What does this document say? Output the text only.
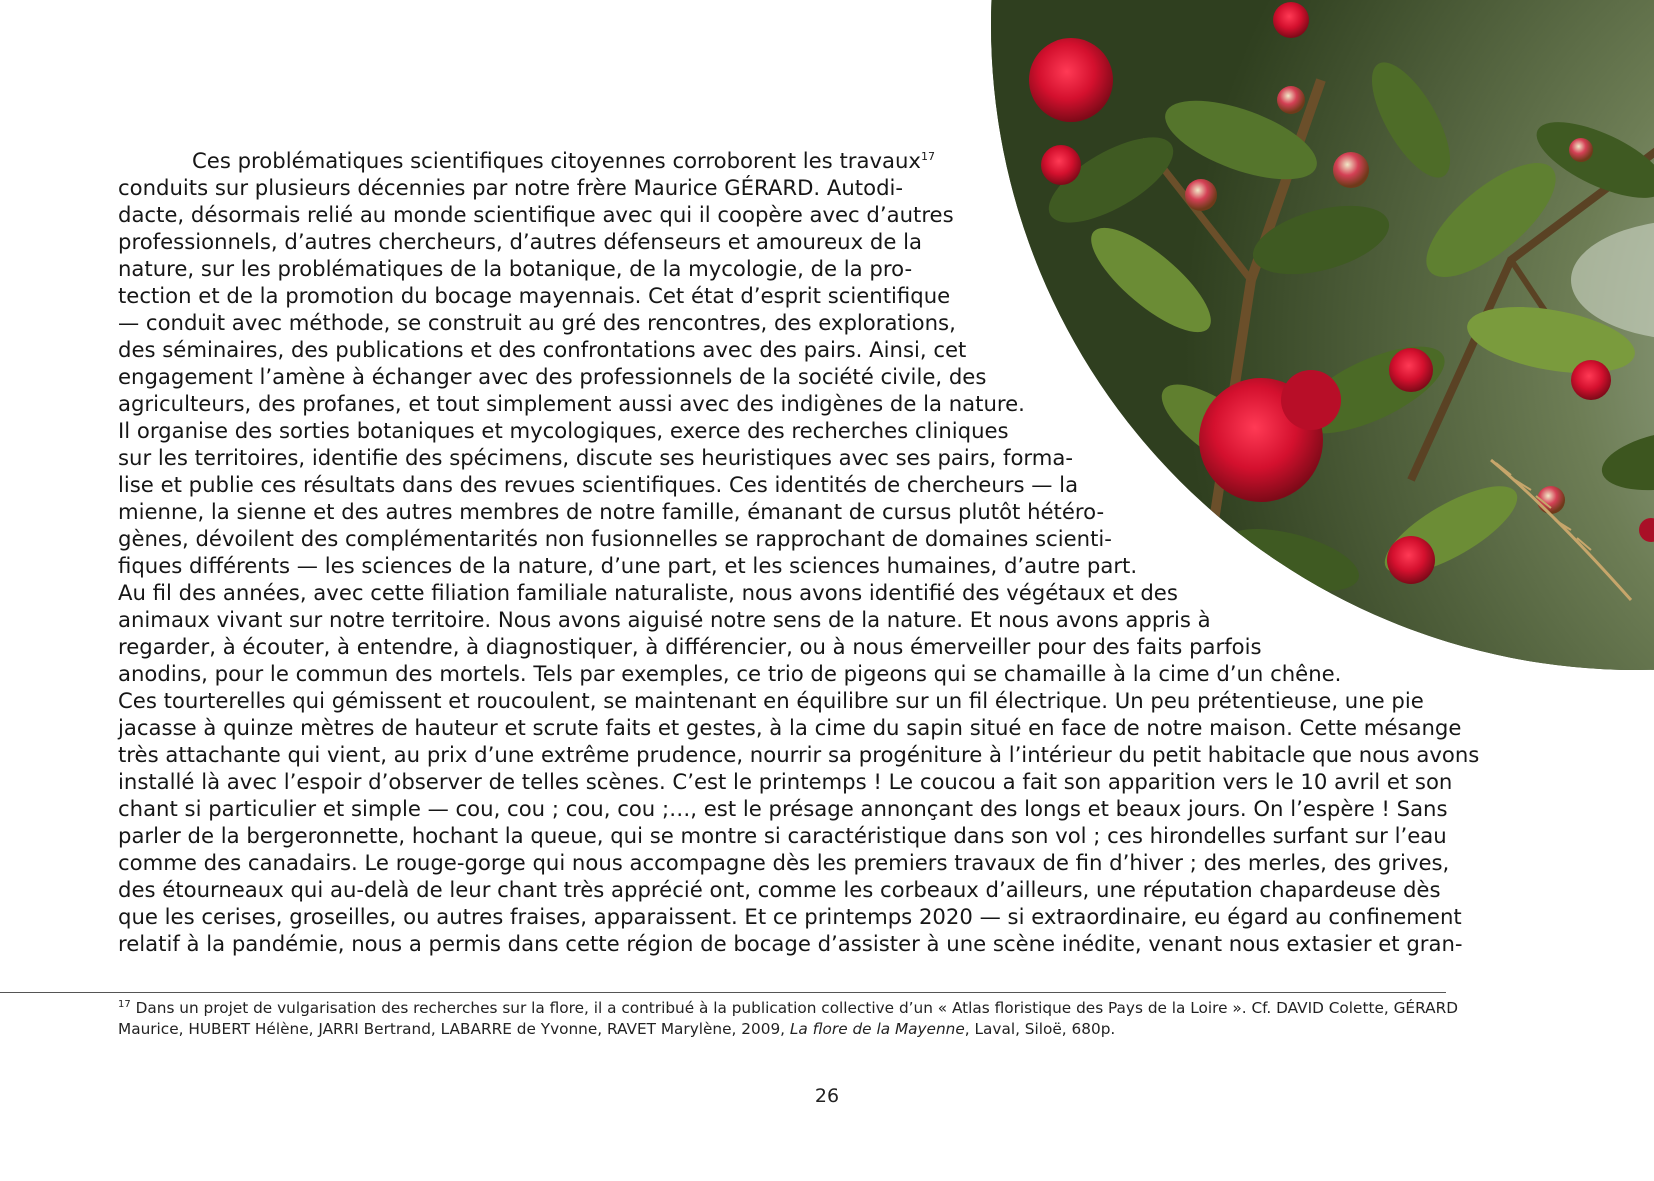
Ces problématiques scientifiques citoyennes corroborent les travaux$^{17}$
conduits sur plusieurs décennies par notre frère Maurice GÉRARD. Autodi-
dacte, désormais relié au monde scientifique avec qui il coopère avec d’autres
professionnels, d’autres chercheurs, d’autres défenseurs et amoureux de la
nature, sur les problématiques de la botanique, de la mycologie, de la pro-
tection et de la promotion du bocage mayennais. Cet état d’esprit scientifique
— conduit avec méthode, se construit au gré des rencontres, des explorations,
des séminaires, des publications et des confrontations avec des pairs. Ainsi, cet
engagement l’amène à échanger avec des professionnels de la société civile, des
agriculteurs, des profanes, et tout simplement aussi avec des indigènes de la nature.
Il organise des sorties botaniques et mycologiques, exerce des recherches cliniques
sur les territoires, identifie des spécimens, discute ses heuristiques avec ses pairs, forma-
lise et publie ces résultats dans des revues scientifiques. Ces identités de chercheurs — la
mienne, la sienne et des autres membres de notre famille, émanant de cursus plutôt hétéro-
gènes, dévoilent des complémentarités non fusionnelles se rapprochant de domaines scienti-
fiques différents — les sciences de la nature, d’une part, et les sciences humaines, d’autre part.
Au fil des années, avec cette filiation familiale naturaliste, nous avons identifié des végétaux et des
animaux vivant sur notre territoire. Nous avons aiguisé notre sens de la nature. Et nous avons appris à
regarder, à écouter, à entendre, à diagnostiquer, à différencier, ou à nous émerveiller pour des faits parfois
anodins, pour le commun des mortels. Tels par exemples, ce trio de pigeons qui se chamaille à la cime d’un chêne.
Ces tourterelles qui gémissent et roucoulent, se maintenant en équilibre sur un fil électrique. Un peu prétentieuse, une pie
jacasse à quinze mètres de hauteur et scrute faits et gestes, à la cime du sapin situé en face de notre maison. Cette mésange
très attachante qui vient, au prix d’une extrême prudence, nourrir sa progéniture à l’intérieur du petit habitacle que nous avons
installé là avec l’espoir d’observer de telles scènes. C’est le printemps ! Le coucou a fait son apparition vers le 10 avril et son
chant si particulier et simple — cou, cou ; cou, cou ;…, est le présage annonçant des longs et beaux jours. On l’espère ! Sans
parler de la bergeronnette, hochant la queue, qui se montre si caractéristique dans son vol ; ces hirondelles surfant sur l’eau
comme des canadairs. Le rouge-gorge qui nous accompagne dès les premiers travaux de fin d’hiver ; des merles, des grives,
des étourneaux qui au-delà de leur chant très apprécié ont, comme les corbeaux d’ailleurs, une réputation chapardeuse dès
que les cerises, groseilles, ou autres fraises, apparaissent. Et ce printemps 2020 — si extraordinaire, eu égard au confinement
relatif à la pandémie, nous a permis dans cette région de bocage d’assister à une scène inédite, venant nous extasier et gran-
$^{17}$ Dans un projet de vulgarisation des recherches sur la flore, il a contribué à la publication collective d’un « Atlas floristique des Pays de la Loire ». Cf. DAVID Colette, GÉRARD
Maurice, HUBERT Hélène, JARRI Bertrand, LABARRE de Yvonne, RAVET Marylène, 2009, La flore de la Mayenne, Laval, Siloë, 680p.
26
